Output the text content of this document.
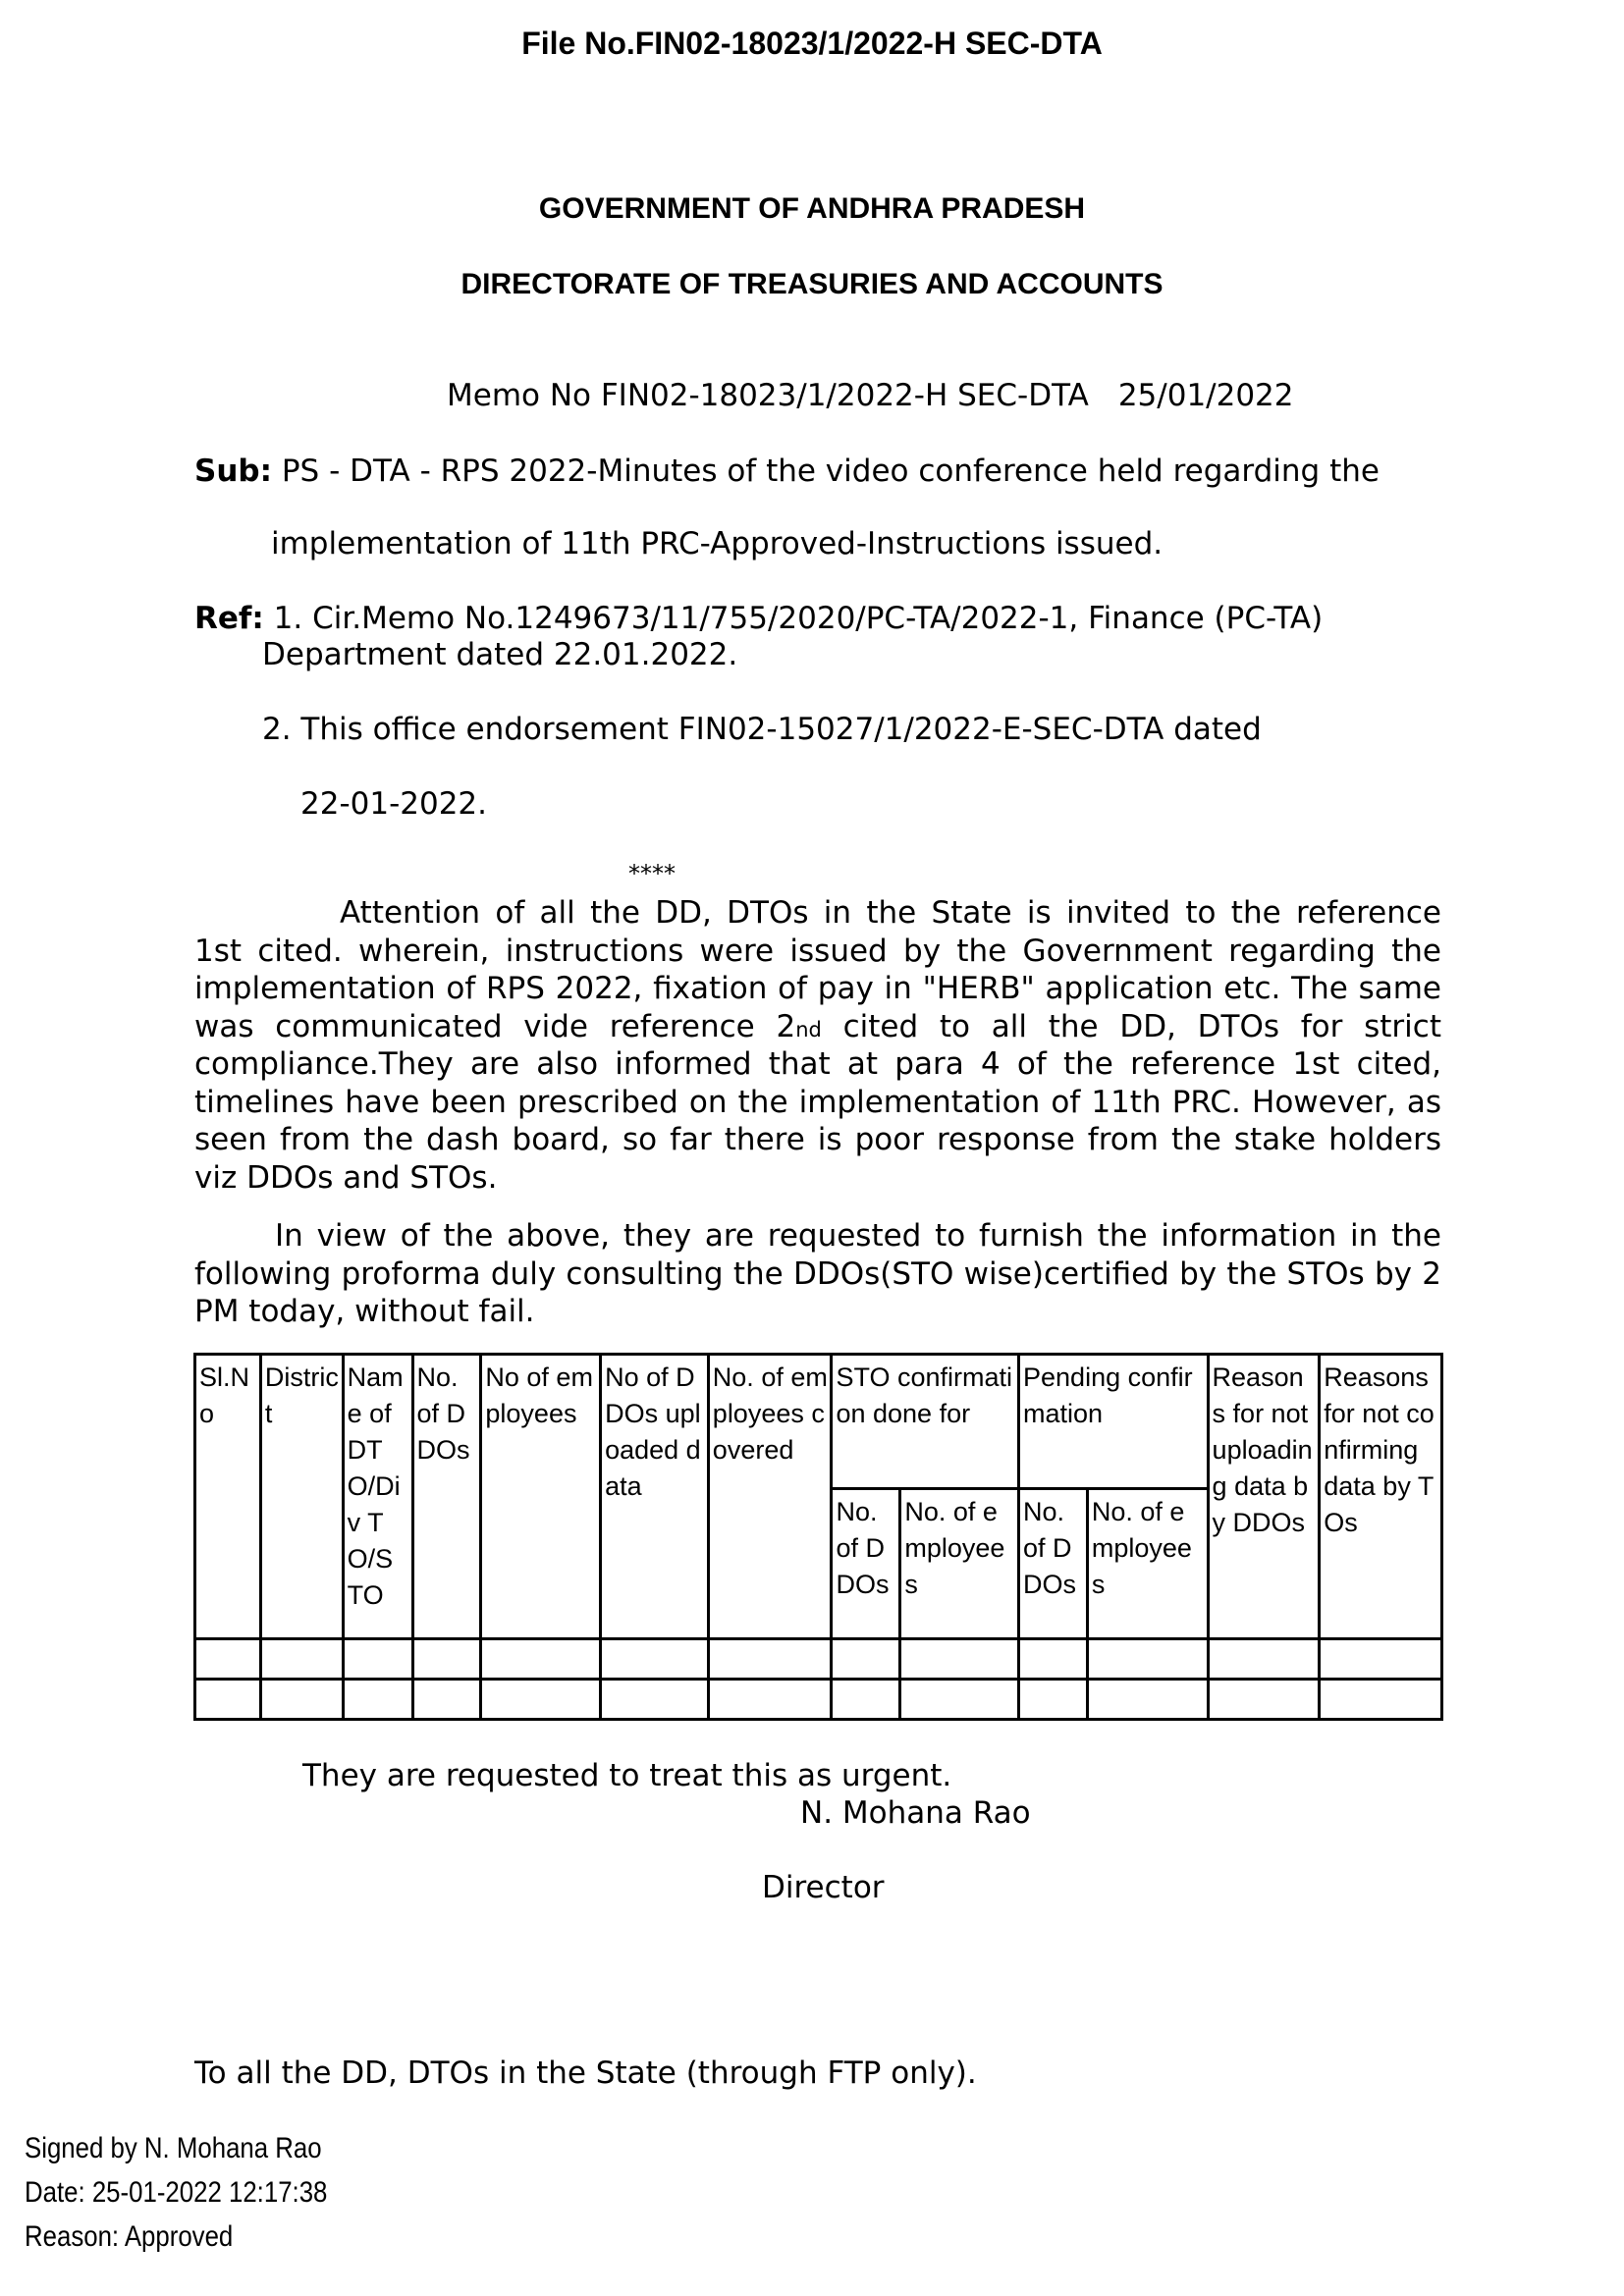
File No.FIN02-18023/1/2022-H SEC-DTA
GOVERNMENT OF ANDHRA PRADESH
DIRECTORATE OF TREASURIES AND ACCOUNTS
Memo No FIN02-18023/1/2022-H SEC-DTA 25/01/2022
Sub: PS - DTA - RPS 2022-Minutes of the video conference held regarding the
implementation of 11th PRC-Approved-Instructions issued.
Ref: 1. Cir.Memo No.1249673/11/755/2020/PC-TA/2022-1, Finance (PC-TA)
Department dated 22.01.2022.
2. This office endorsement FIN02-15027/1/2022-E-SEC-DTA dated
22-01-2022.
****
Attention of all the DD, DTOs in the State is invited to the reference
1st cited. wherein, instructions were issued by the Government regarding the
implementation of RPS 2022, fixation of pay in "HERB" application etc. The same
was communicated vide reference 2nd cited to all the DD, DTOs for strict
compliance.They are also informed that at para 4 of the reference 1st cited,
timelines have been prescribed on the implementation of 11th PRC. However, as
seen from the dash board, so far there is poor response from the stake holders
viz DDOs and STOs.
In view of the above, they are requested to furnish the information in the
following proforma duly consulting the DDOs(STO wise)certified by the STOs by 2
PM today, without fail.
Sl.No	District	Name of DTO/Div TO/STO	No. of DDOs	No of employees	No of DDOs uploaded data	No. of employees covered	STO confirmation done for		Pending confirmation		Reasons for not uploading data by DDOs	Reasons for not confirming data by TOs
							No. of DDOs	No. of employees	No. of DDOs	No. of employees		

They are requested to treat this as urgent.
N. Mohana Rao
Director
To all the DD, DTOs in the State (through FTP only).
Signed by N. Mohana Rao
Date: 25-01-2022 12:17:38
Reason: Approved
